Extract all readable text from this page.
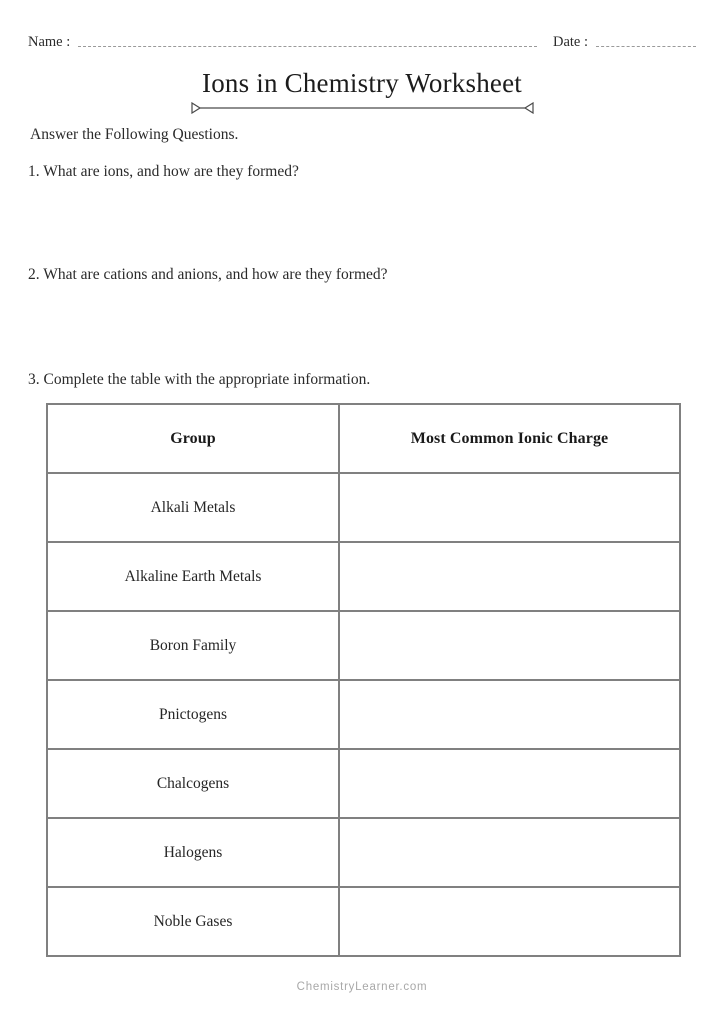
Name :	Date :
Ions in Chemistry Worksheet
Answer the Following Questions.
1. What are ions, and how are they formed?
2. What are cations and anions, and how are they formed?
3. Complete the table with the appropriate information.
Group	Most Common Ionic Charge
Alkali Metals	
Alkaline Earth Metals	
Boron Family	
Pnictogens	
Chalcogens	
Halogens	
Noble Gases	
ChemistryLearner.com
